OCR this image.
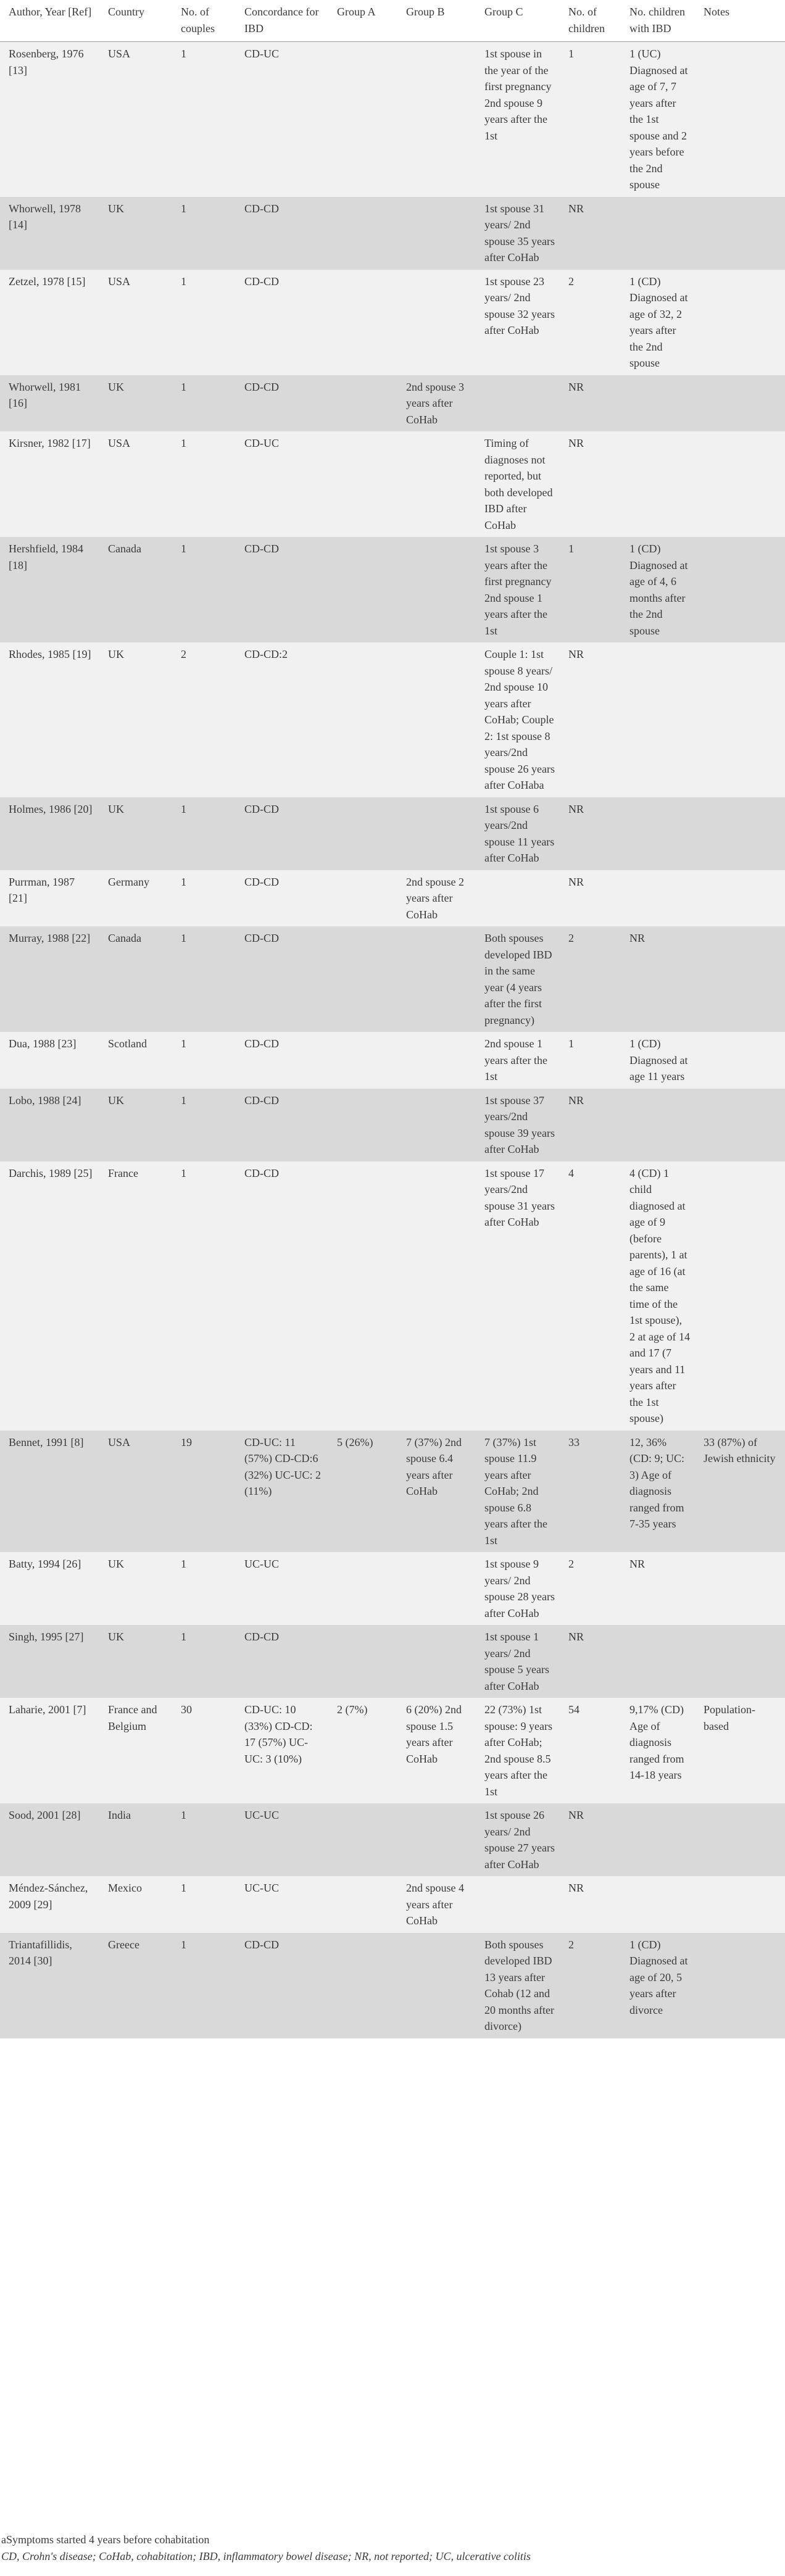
Author, Year [Ref]	Country	No. of couples	Concordance for IBD	Group A	Group B	Group C	No. of children	No. children with IBD	Notes
Rosenberg, 1976 [13]	USA	1	CD-UC			1st spouse in the year of the first pregnancy 2nd spouse 9 years after the 1st	1	1 (UC) Diagnosed at age of 7, 7 years after the 1st spouse and 2 years before the 2nd spouse	
Whorwell, 1978 [14]	UK	1	CD-CD			1st spouse 31 years/ 2nd spouse 35 years after CoHab	NR		
Zetzel, 1978 [15]	USA	1	CD-CD			1st spouse 23 years/ 2nd spouse 32 years after CoHab	2	1 (CD) Diagnosed at age of 32, 2 years after the 2nd spouse	
Whorwell, 1981 [16]	UK	1	CD-CD		2nd spouse 3 years after CoHab		NR		
Kirsner, 1982 [17]	USA	1	CD-UC			Timing of diagnoses not reported, but both developed IBD after CoHab	NR		
Hershfield, 1984 [18]	Canada	1	CD-CD			1st spouse 3 years after the first pregnancy 2nd spouse 1 years after the 1st	1	1 (CD) Diagnosed at age of 4, 6 months after the 2nd spouse	
Rhodes, 1985 [19]	UK	2	CD-CD:2			Couple 1: 1st spouse 8 years/ 2nd spouse 10 years after CoHab; Couple 2: 1st spouse 8 years/2nd spouse 26 years after CoHaba	NR		
Holmes, 1986 [20]	UK	1	CD-CD			1st spouse 6 years/2nd spouse 11 years after CoHab	NR		
Purrman, 1987 [21]	Germany	1	CD-CD		2nd spouse 2 years after CoHab		NR		
Murray, 1988 [22]	Canada	1	CD-CD			Both spouses developed IBD in the same year (4 years after the first pregnancy)	2	NR	
Dua, 1988 [23]	Scotland	1	CD-CD			2nd spouse 1 years after the 1st	1	1 (CD) Diagnosed at age 11 years	
Lobo, 1988 [24]	UK	1	CD-CD			1st spouse 37 years/2nd spouse 39 years after CoHab	NR		
Darchis, 1989 [25]	France	1	CD-CD			1st spouse 17 years/2nd spouse 31 years after CoHab	4	4 (CD) 1 child diagnosed at age of 9 (before parents), 1 at age of 16 (at the same time of the 1st spouse), 2 at age of 14 and 17 (7 years and 11 years after the 1st spouse)	
Bennet, 1991 [8]	USA	19	CD-UC: 11 (57%) CD-CD:6 (32%) UC-UC: 2 (11%)	5 (26%)	7 (37%) 2nd spouse 6.4 years after CoHab	7 (37%) 1st spouse 11.9 years after CoHab; 2nd spouse 6.8 years after the 1st	33	12, 36% (CD: 9; UC: 3) Age of diagnosis ranged from 7-35 years	33 (87%) of Jewish ethnicity
Batty, 1994 [26]	UK	1	UC-UC			1st spouse 9 years/ 2nd spouse 28 years after CoHab	2	NR	
Singh, 1995 [27]	UK	1	CD-CD			1st spouse 1 years/ 2nd spouse 5 years after CoHab	NR		
Laharie, 2001 [7]	France and Belgium	30	CD-UC: 10 (33%) CD-CD: 17 (57%) UC-UC: 3 (10%)	2 (7%)	6 (20%) 2nd spouse 1.5 years after CoHab	22 (73%) 1st spouse: 9 years after CoHab; 2nd spouse 8.5 years after the 1st	54	9,17% (CD) Age of diagnosis ranged from 14-18 years	Population-based
Sood, 2001 [28]	India	1	UC-UC			1st spouse 26 years/ 2nd spouse 27 years after CoHab	NR		
Méndez-Sánchez, 2009 [29]	Mexico	1	UC-UC		2nd spouse 4 years after CoHab		NR		
Triantafillidis, 2014 [30]	Greece	1	CD-CD			Both spouses developed IBD 13 years after Cohab (12 and 20 months after divorce)	2	1 (CD) Diagnosed at age of 20, 5 years after divorce	
aSymptoms started 4 years before cohabitation
CD, Crohn's disease; CoHab, cohabitation; IBD, inflammatory bowel disease; NR, not reported; UC, ulcerative colitis
